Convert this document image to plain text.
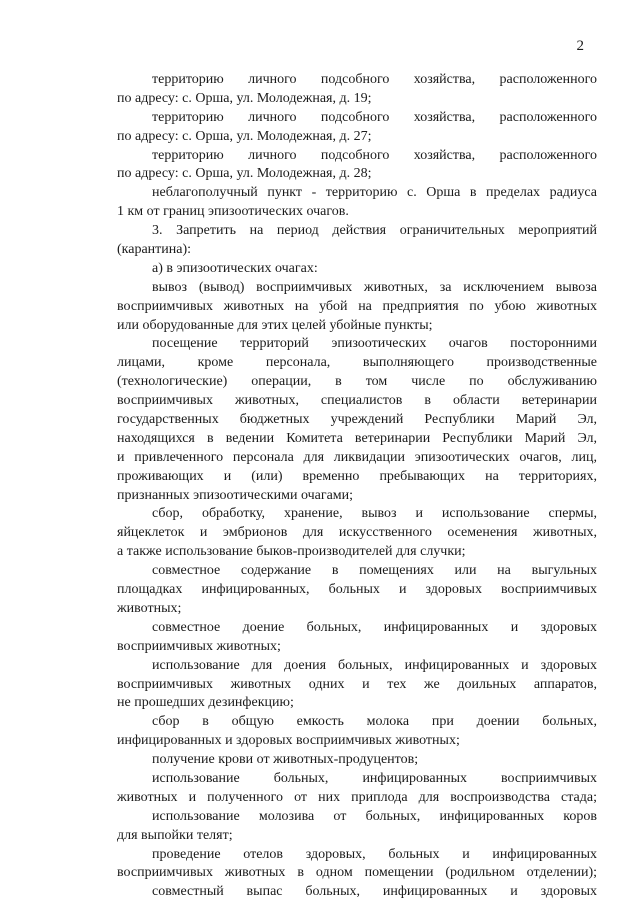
2
территорию личного подсобного хозяйства, расположенного
по адресу: с. Орша, ул. Молодежная, д. 19;
территорию личного подсобного хозяйства, расположенного
по адресу: с. Орша, ул. Молодежная, д. 27;
территорию личного подсобного хозяйства, расположенного
по адресу: с. Орша, ул. Молодежная, д. 28;
неблагополучный пункт - территорию с. Орша в пределах радиуса
1 км от границ эпизоотических очагов.
3. Запретить на период действия ограничительных мероприятий
(карантина):
а) в эпизоотических очагах:
вывоз (вывод) восприимчивых животных, за исключением вывоза
восприимчивых животных на убой на предприятия по убою животных
или оборудованные для этих целей убойные пункты;
посещение территорий эпизоотических очагов посторонними
лицами, кроме персонала, выполняющего производственные
(технологические) операции, в том числе по обслуживанию
восприимчивых животных, специалистов в области ветеринарии
государственных бюджетных учреждений Республики Марий Эл,
находящихся в ведении Комитета ветеринарии Республики Марий Эл,
и привлеченного персонала для ликвидации эпизоотических очагов, лиц,
проживающих и (или) временно пребывающих на территориях,
признанных эпизоотическими очагами;
сбор, обработку, хранение, вывоз и использование спермы,
яйцеклеток и эмбрионов для искусственного осеменения животных,
а также использование быков-производителей для случки;
совместное содержание в помещениях или на выгульных
площадках инфицированных, больных и здоровых восприимчивых
животных;
совместное доение больных, инфицированных и здоровых
восприимчивых животных;
использование для доения больных, инфицированных и здоровых
восприимчивых животных одних и тех же доильных аппаратов,
не прошедших дезинфекцию;
сбор в общую емкость молока при доении больных,
инфицированных и здоровых восприимчивых животных;
получение крови от животных-продуцентов;
использование больных, инфицированных восприимчивых
животных и полученного от них приплода для воспроизводства стада;
использование молозива от больных, инфицированных коров
для выпойки телят;
проведение отелов здоровых, больных и инфицированных
восприимчивых животных в одном помещении (родильном отделении);
совместный выпас больных, инфицированных и здоровых
